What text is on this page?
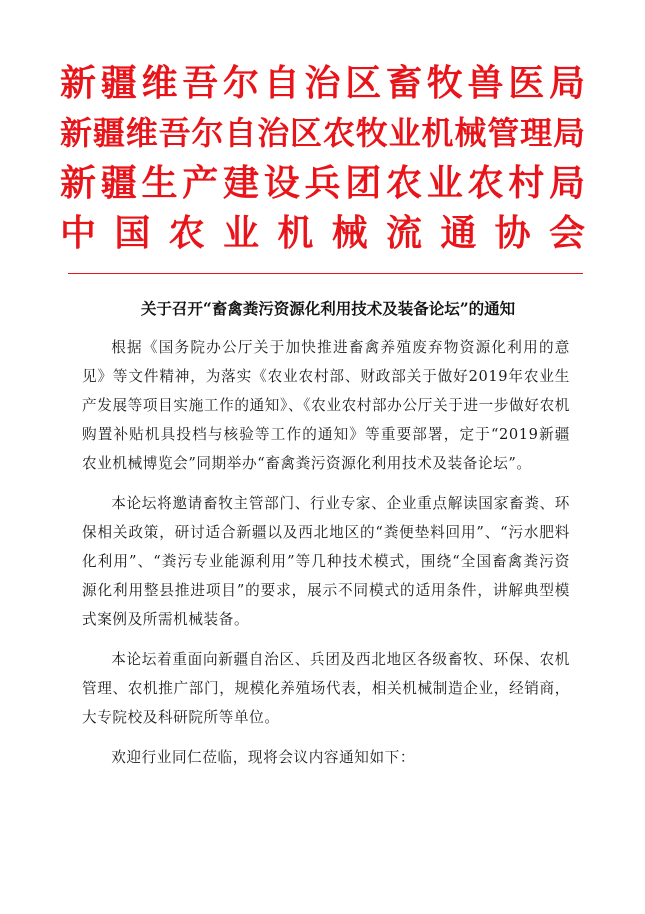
新疆维吾尔自治区畜牧兽医局
新疆维吾尔自治区农牧业机械管理局
新疆生产建设兵团农业农村局
中国农业机械流通协会
关于召开“畜禽粪污资源化利用技术及装备论坛”的通知

根据《国务院办公厅关于加快推进畜禽养殖废弃物资源化利用的意见》等文件精神，为落实《农业农村部、财政部关于做好2019年农业生产发展等项目实施工作的通知》、《农业农村部办公厅关于进一步做好农机购置补贴机具投档与核验等工作的通知》等重要部署，定于“2019新疆农业机械博览会”同期举办“畜禽粪污资源化利用技术及装备论坛”。

本论坛将邀请畜牧主管部门、行业专家、企业重点解读国家畜粪、环保相关政策，研讨适合新疆以及西北地区的“粪便垫料回用”、“污水肥料化利用”、“粪污专业能源利用”等几种技术模式，围绕“全国畜禽粪污资源化利用整县推进项目”的要求，展示不同模式的适用条件，讲解典型模式案例及所需机械装备。

本论坛着重面向新疆自治区、兵团及西北地区各级畜牧、环保、农机管理、农机推广部门，规模化养殖场代表，相关机械制造企业，经销商，大专院校及科研院所等单位。

欢迎行业同仁莅临，现将会议内容通知如下：
